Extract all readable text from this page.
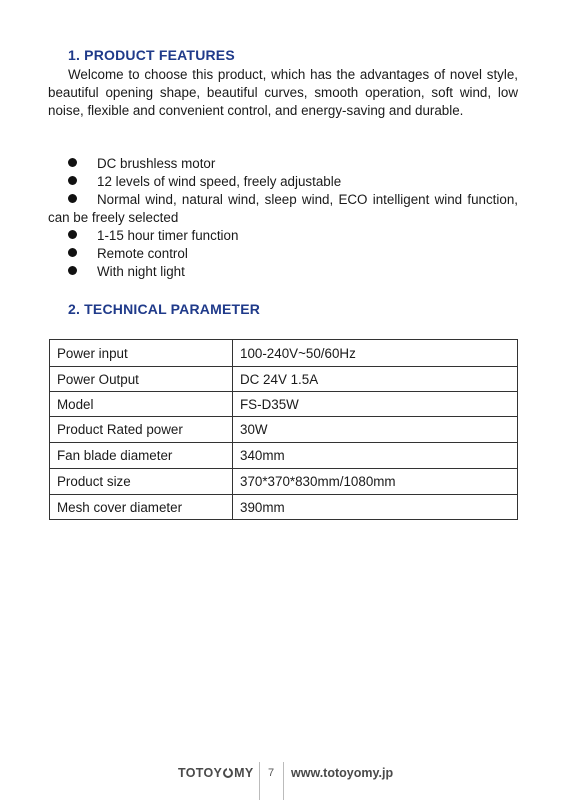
1. PRODUCT FEATURES

Welcome to choose this product, which has the advantages of novel style, beautiful opening shape, beautiful curves, smooth operation, soft wind, low noise, flexible and convenient control, and energy-saving and durable.

DC brushless motor
12 levels of wind speed, freely adjustable
Normal wind, natural wind, sleep wind, ECO intelligent wind function, can be freely selected
1-15 hour timer function
Remote control
With night light
2. TECHNICAL PARAMETER
Power input	100-240V~50/60Hz
Power Output	DC 24V 1.5A
Model	FS-D35W
Product Rated power	30W
Fan blade diameter	340mm
Product size	370*370*830mm/1080mm
Mesh cover diameter	390mm
TOTOY MY 7 www.totoyomy.jp
